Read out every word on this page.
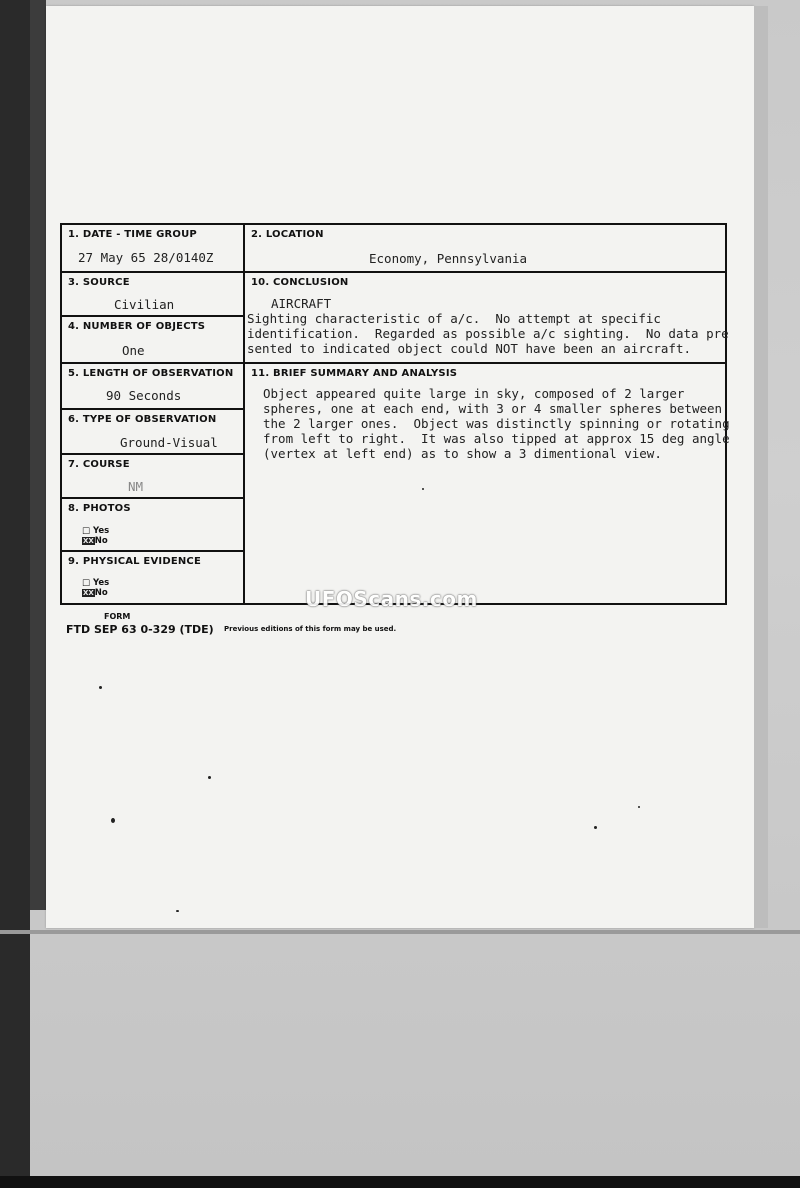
1. DATE - TIME GROUP
27 May 65 28/0140Z
2. LOCATION
Economy, Pennsylvania
3. SOURCE
Civilian
4. NUMBER OF OBJECTS
One
5. LENGTH OF OBSERVATION
90 Seconds
6. TYPE OF OBSERVATION
Ground-Visual
7. COURSE
NM
8. PHOTOS
□ Yes
XXNo
9. PHYSICAL EVIDENCE
□ Yes
XXNo
10. CONCLUSION
AIRCRAFT
Sighting characteristic of a/c.  No attempt at specific
identification.  Regarded as possible a/c sighting.  No data pre
sented to indicated object could NOT have been an aircraft.
11. BRIEF SUMMARY AND ANALYSIS
Object appeared quite large in sky, composed of 2 larger
spheres, one at each end, with 3 or 4 smaller spheres between
the 2 larger ones.  Object was distinctly spinning or rotating
from left to right.  It was also tipped at approx 15 deg angle
(vertex at left end) as to show a 3 dimentional view.
UFOScans.com
FORM
FTD SEP 63 0-329 (TDE) Previous editions of this form may be used.
